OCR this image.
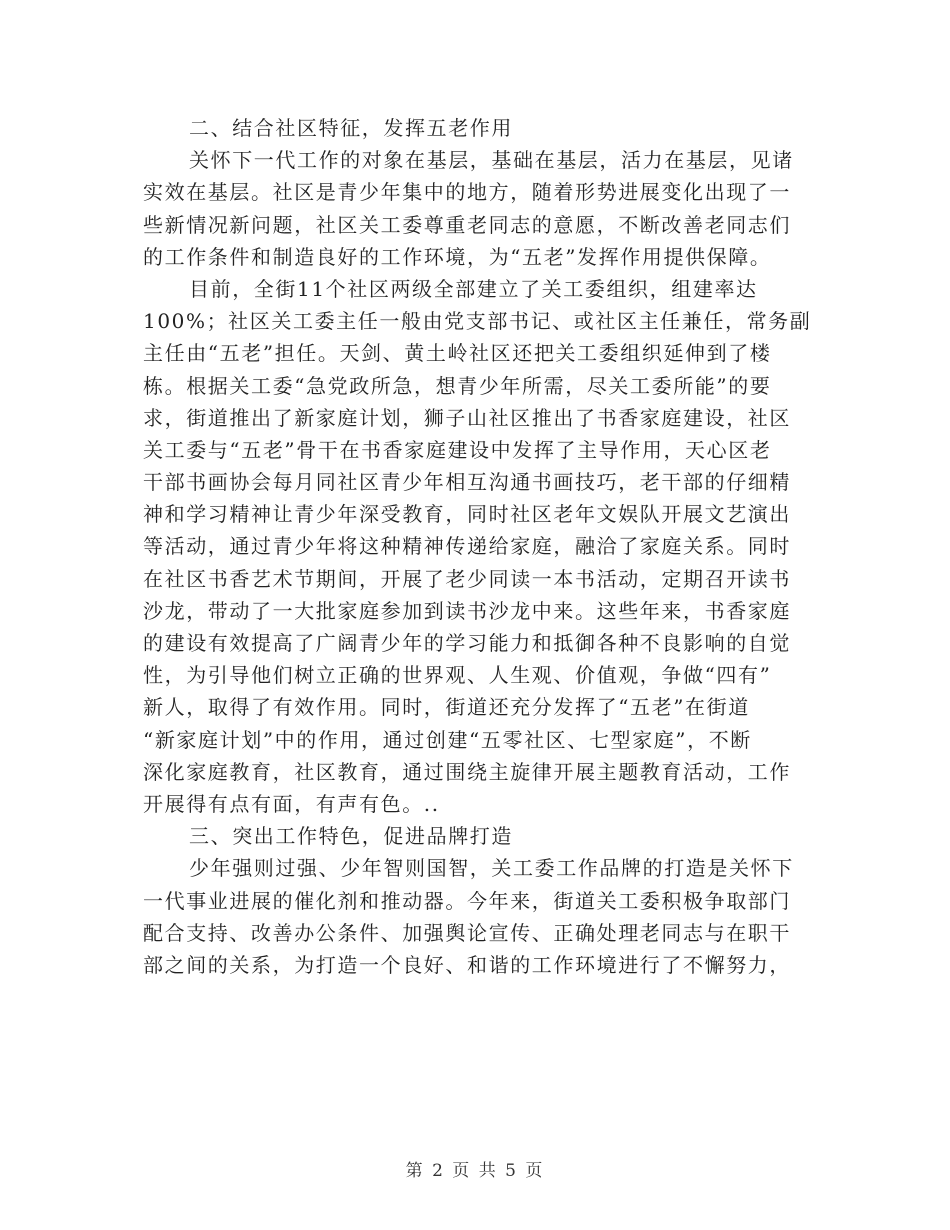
二、结合社区特征，发挥五老作用
关怀下一代工作的对象在基层，基础在基层，活力在基层，见诸
实效在基层。社区是青少年集中的地方，随着形势进展变化出现了一
些新情况新问题，社区关工委尊重老同志的意愿，不断改善老同志们
的工作条件和制造良好的工作环境，为“五老”发挥作用提供保障。
目前，全街11个社区两级全部建立了关工委组织，组建率达
100%；社区关工委主任一般由党支部书记、或社区主任兼任，常务副
主任由“五老”担任。天剑、黄土岭社区还把关工委组织延伸到了楼
栋。根据关工委“急党政所急，想青少年所需，尽关工委所能”的要
求，街道推出了新家庭计划，狮子山社区推出了书香家庭建设，社区
关工委与“五老”骨干在书香家庭建设中发挥了主导作用，天心区老
干部书画协会每月同社区青少年相互沟通书画技巧，老干部的仔细精
神和学习精神让青少年深受教育，同时社区老年文娱队开展文艺演出
等活动，通过青少年将这种精神传递给家庭，融洽了家庭关系。同时
在社区书香艺术节期间，开展了老少同读一本书活动，定期召开读书
沙龙，带动了一大批家庭参加到读书沙龙中来。这些年来，书香家庭
的建设有效提高了广阔青少年的学习能力和抵御各种不良影响的自觉
性，为引导他们树立正确的世界观、人生观、价值观，争做“四有”
新人，取得了有效作用。同时，街道还充分发挥了“五老”在街道
“新家庭计划”中的作用，通过创建“五零社区、七型家庭”，不断
深化家庭教育，社区教育，通过围绕主旋律开展主题教育活动，工作
开展得有点有面，有声有色。..
三、突出工作特色，促进品牌打造
少年强则过强、少年智则国智，关工委工作品牌的打造是关怀下
一代事业进展的催化剂和推动器。今年来，街道关工委积极争取部门
配合支持、改善办公条件、加强舆论宣传、正确处理老同志与在职干
部之间的关系，为打造一个良好、和谐的工作环境进行了不懈努力，
第 2 页 共 5 页
